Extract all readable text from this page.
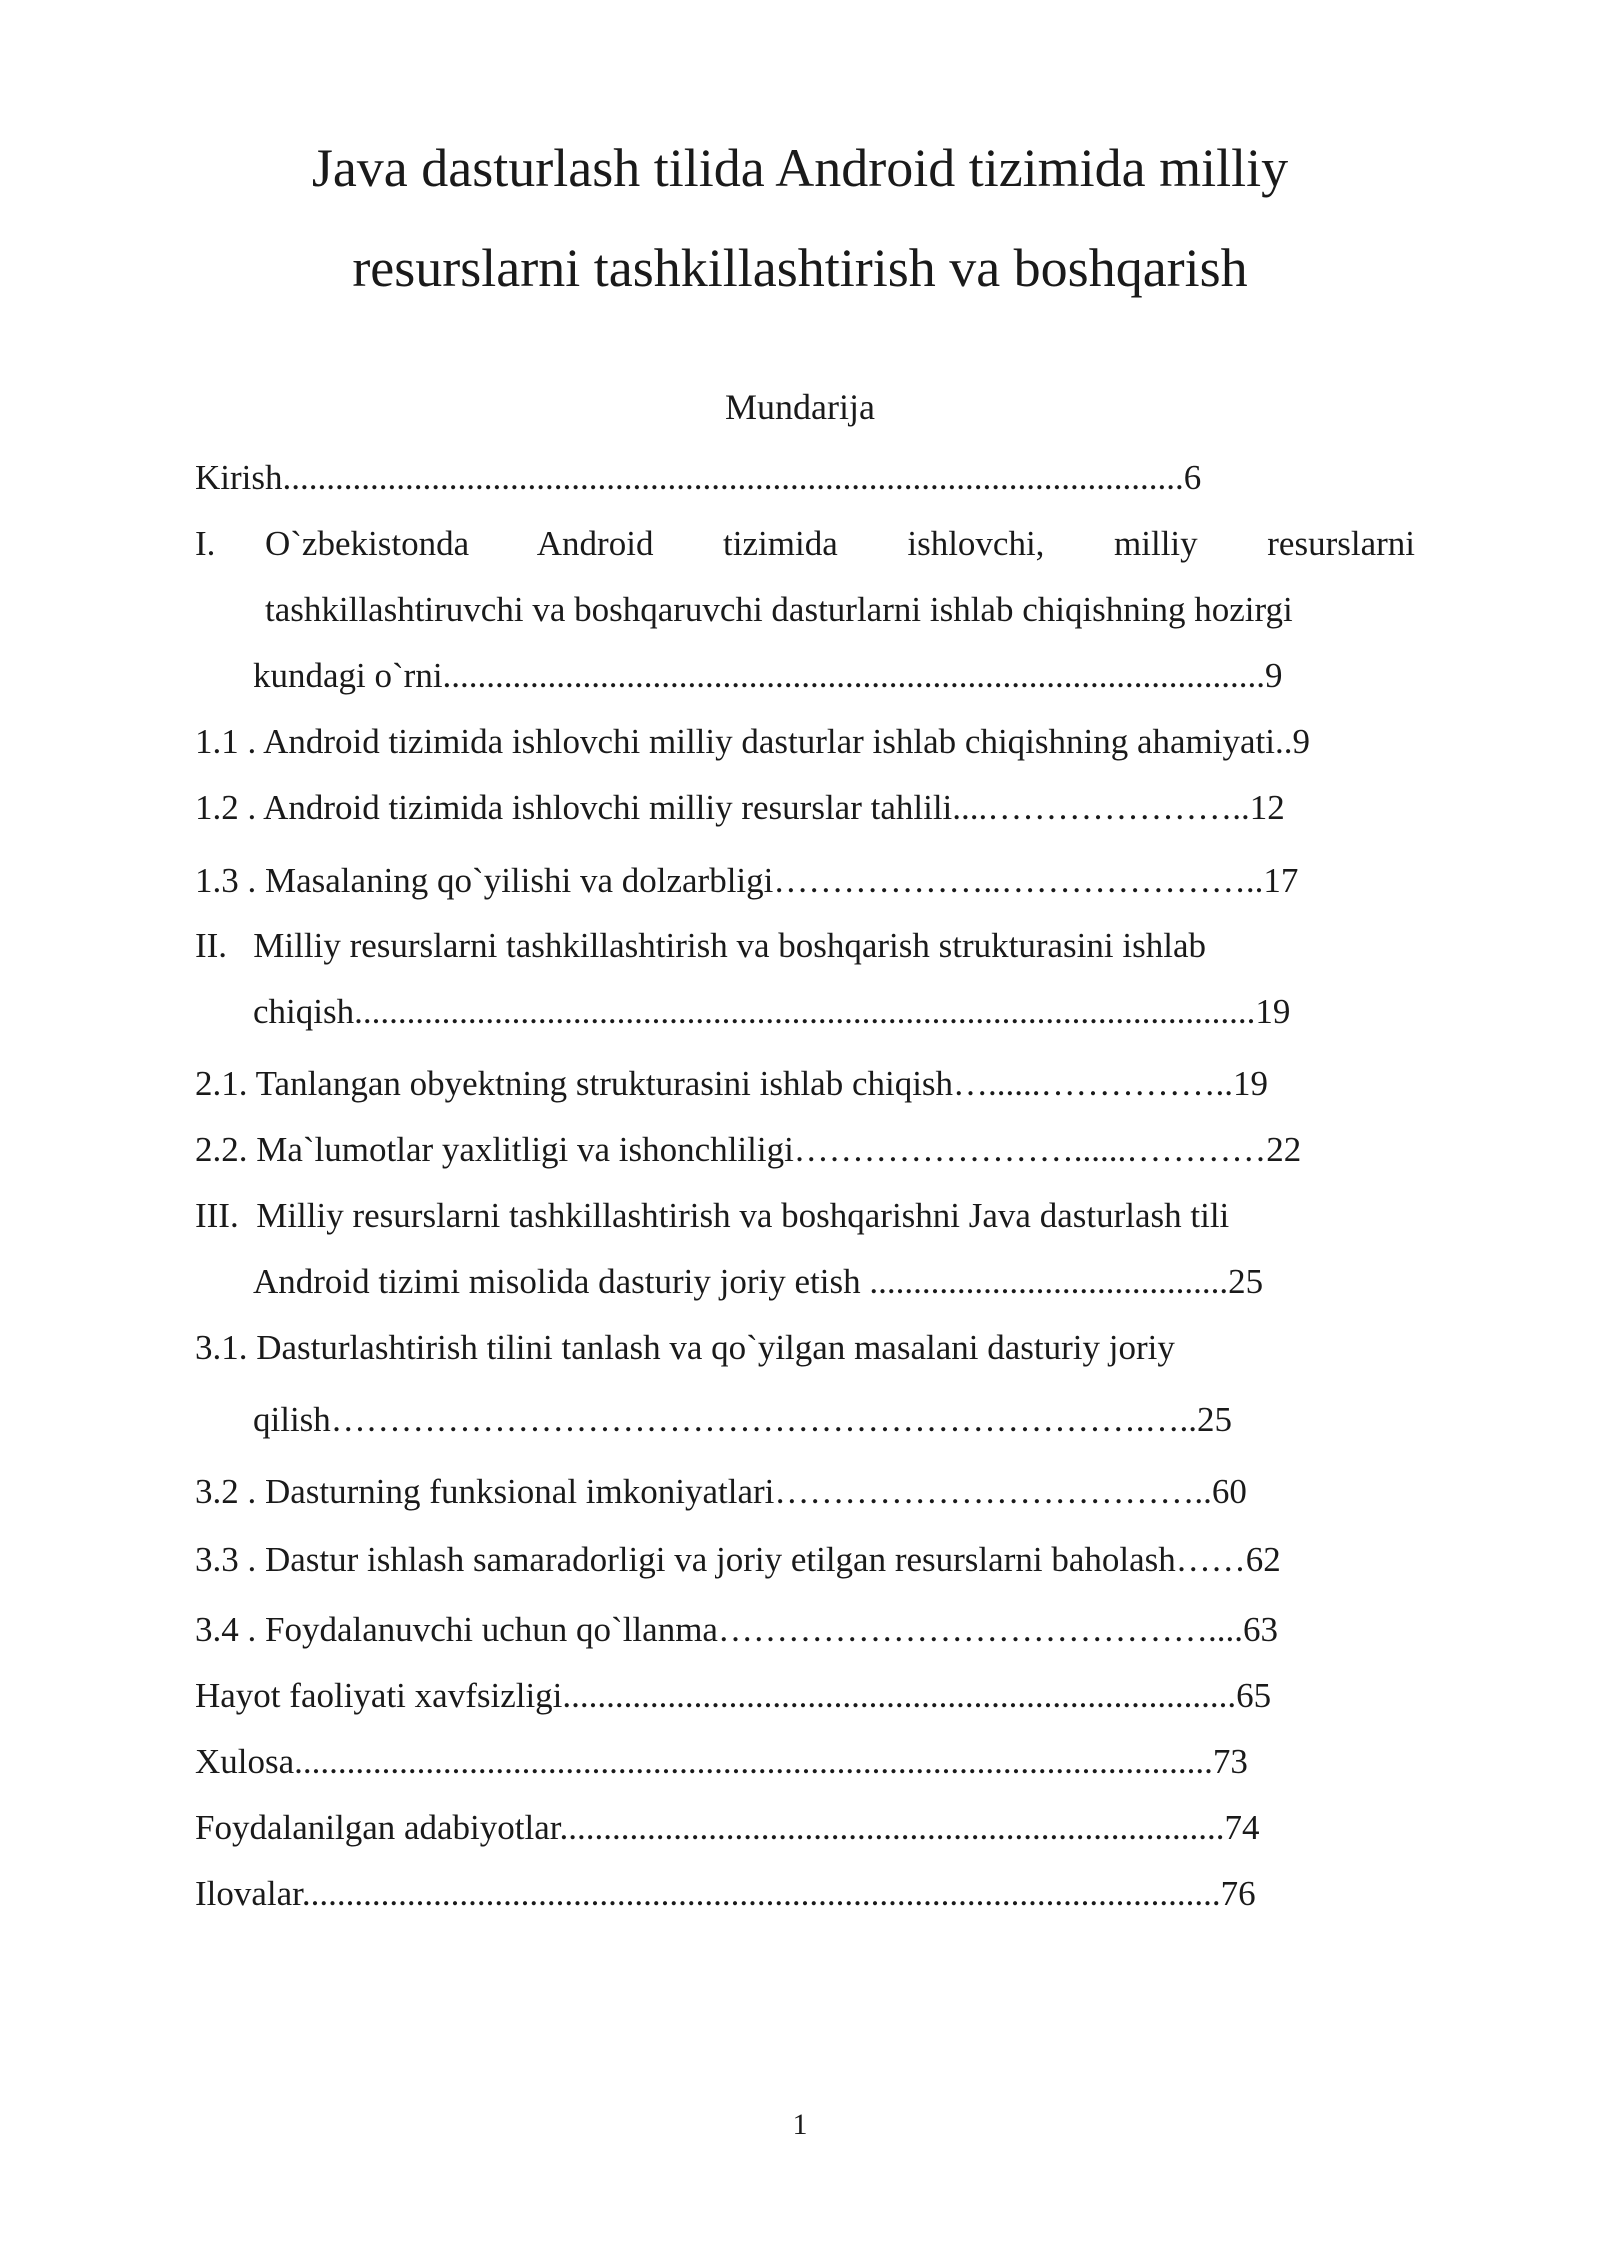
Java dasturlash tilida Android tizimida milliy
resurslarni tashkillashtirish va boshqarish
Mundarija
Kirish.......................................................................................................6
I. O`zbekistonda Android tizimida ishlovchi, milliy resurslarni
tashkillashtiruvchi va boshqaruvchi dasturlarni ishlab chiqishning hozirgi
kundagi o`rni..............................................................................................9
1.1 . Android tizimida ishlovchi milliy dasturlar ishlab chiqishning ahamiyati..9
1.2 . Android tizimida ishlovchi milliy resurslar tahlili....…………………..12
1.3 . Masalaning qo`yilishi va dolzarbligi………………..…………………..17
II.   Milliy resurslarni tashkillashtirish va boshqarish strukturasini ishlab
chiqish.......................................................................................................19
2.1. Tanlangan obyektning strukturasini ishlab chiqish…......……………..19
2.2. Ma`lumotlar yaxlitligi va ishonchliligi……………………......…………22
III.  Milliy resurslarni tashkillashtirish va boshqarishni Java dasturlash tili
Android tizimi misolida dasturiy joriy etish .........................................25
3.1. Dasturlashtirish tilini tanlash va qo`yilgan masalani dasturiy joriy
qilish…………………………………………………………….…..25
3.2 . Dasturning funksional imkoniyatlari………………………………..60
3.3 . Dastur ishlash samaradorligi va joriy etilgan resurslarni baholash……62
3.4 . Foydalanuvchi uchun qo`llanma……………………………………....63
Hayot faoliyati xavfsizligi.............................................................................65
Xulosa.........................................................................................................73
Foydalanilgan adabiyotlar............................................................................74
Ilovalar.........................................................................................................76
1
